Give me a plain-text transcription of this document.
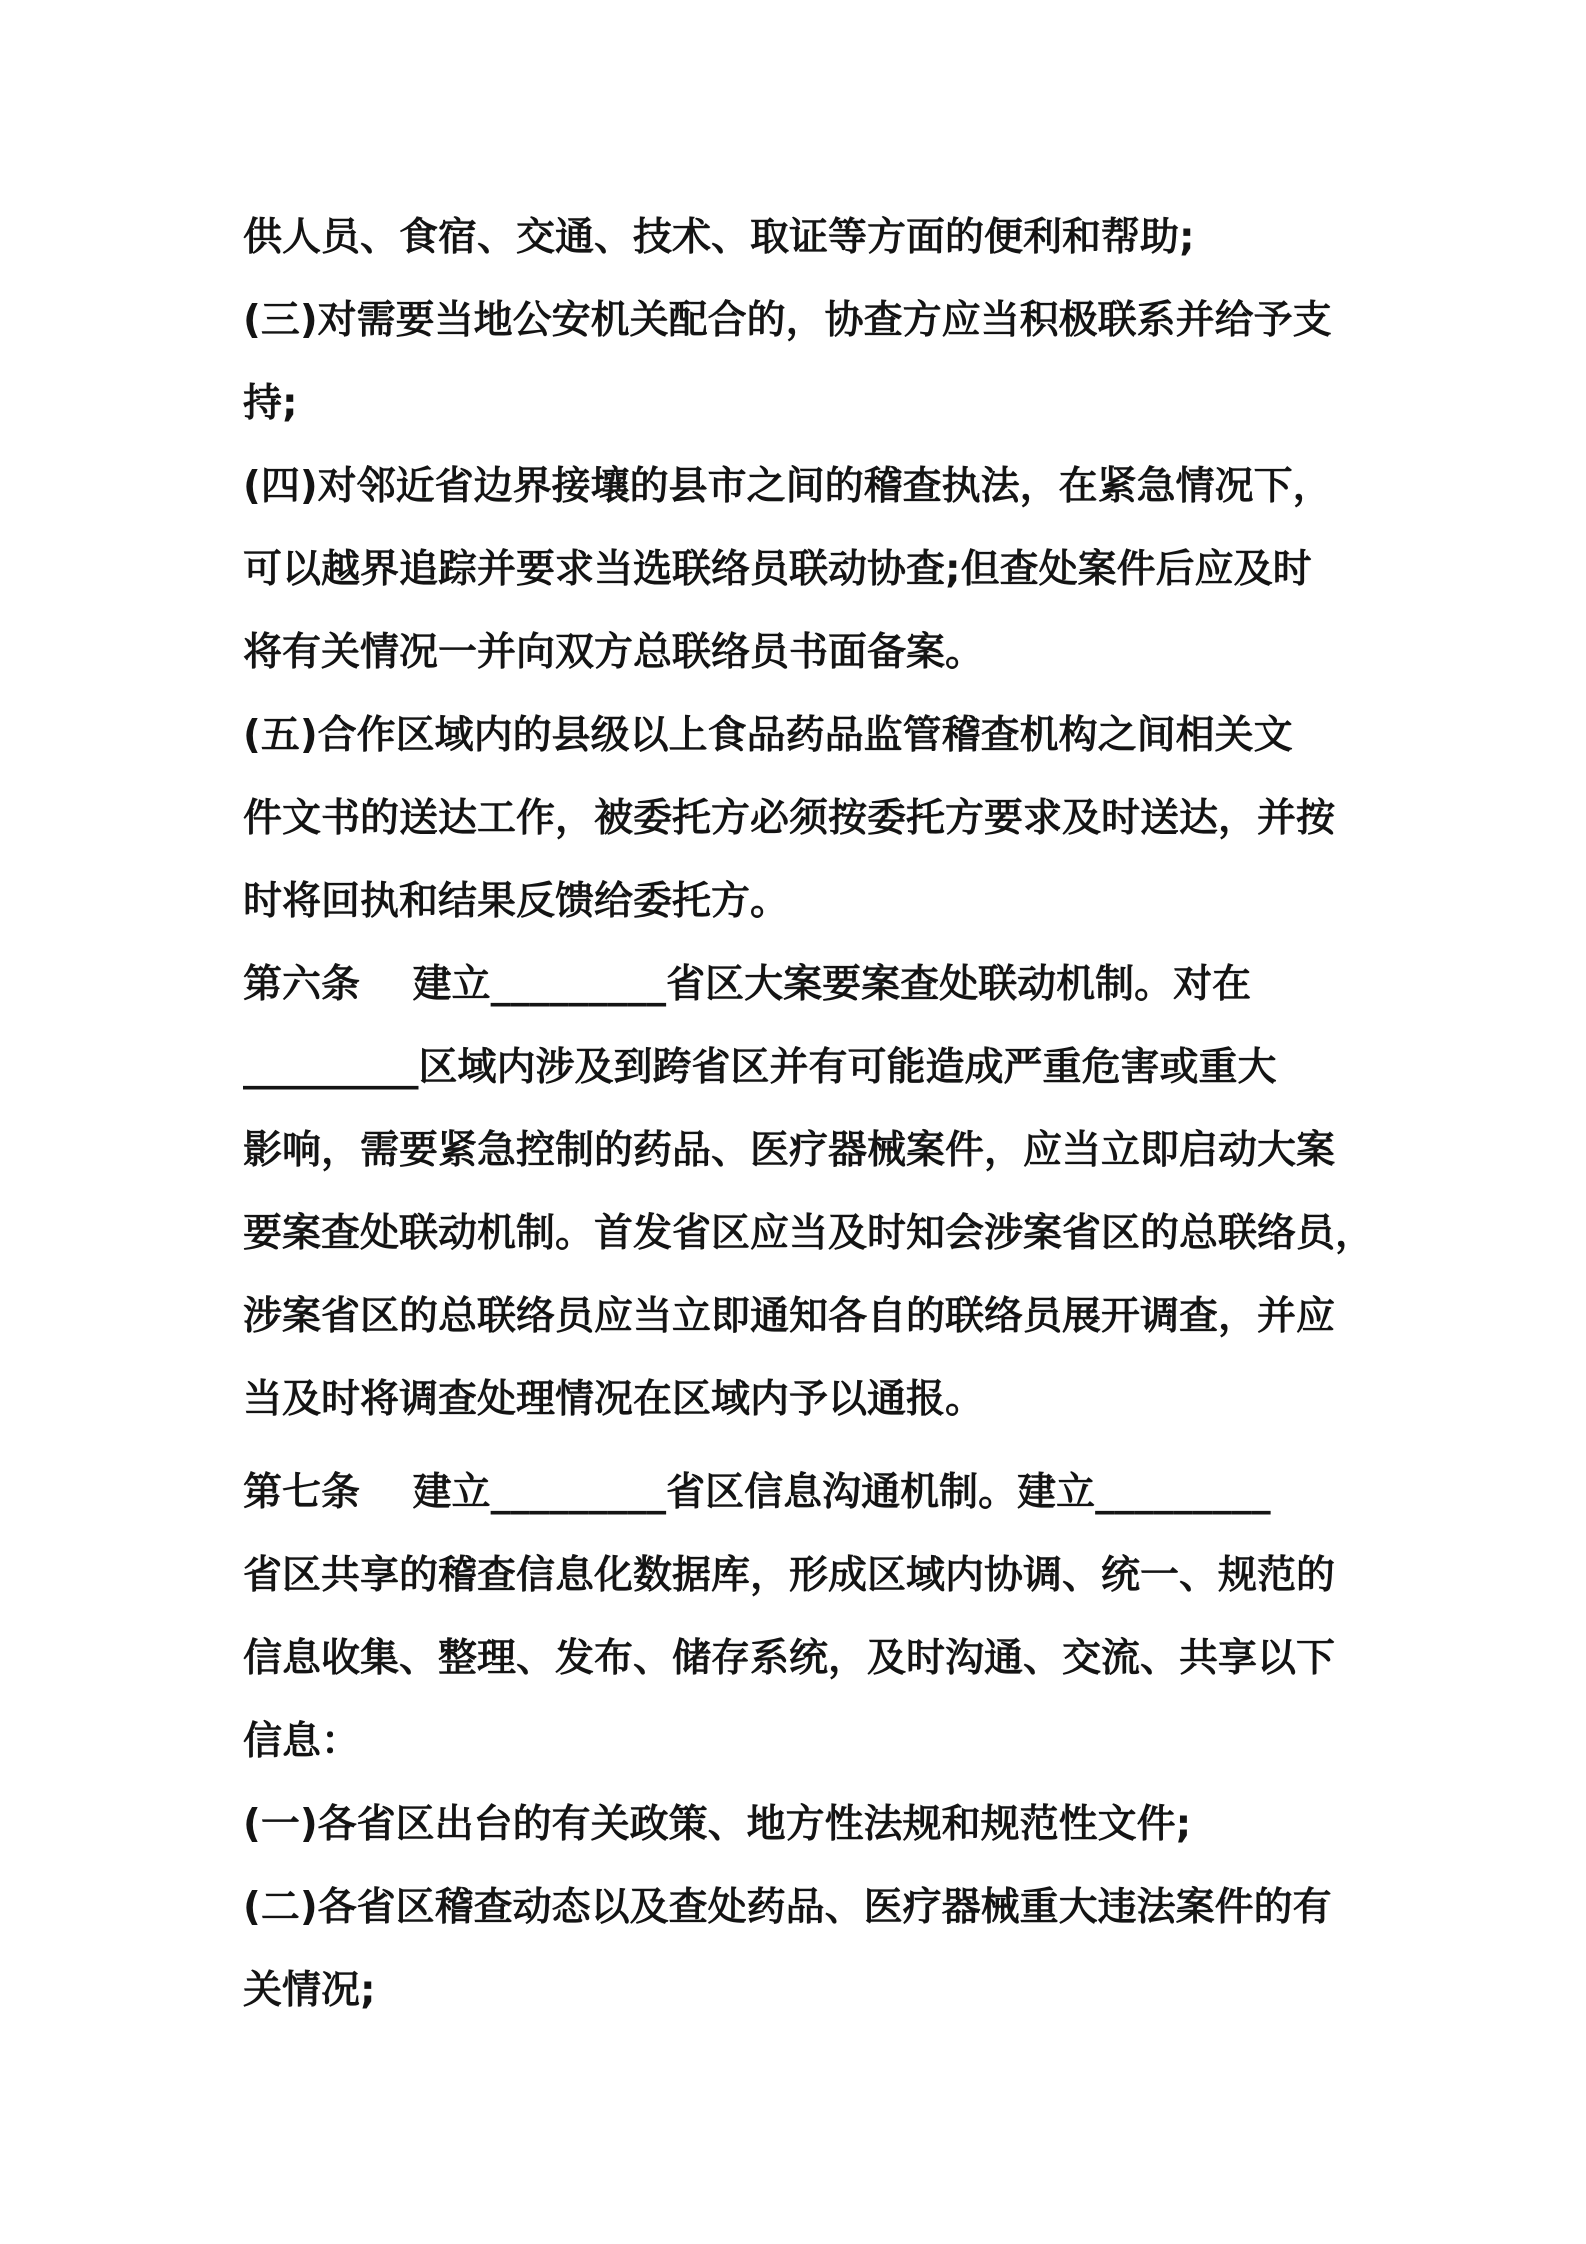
供人员、食宿、交通、技术、取证等方面的便利和帮助;
(三)对需要当地公安机关配合的，协查方应当积极联系并给予支
持;
(四)对邻近省边界接壤的县市之间的稽查执法，在紧急情况下，
可以越界追踪并要求当选联络员联动协查;但查处案件后应及时
将有关情况一并向双方总联络员书面备案。
(五)合作区域内的县级以上食品药品监管稽查机构之间相关文
件文书的送达工作，被委托方必须按委托方要求及时送达，并按
时将回执和结果反馈给委托方。
第六条　 建立_________省区大案要案查处联动机制。对在
_________区域内涉及到跨省区并有可能造成严重危害或重大
影响，需要紧急控制的药品、医疗器械案件，应当立即启动大案
要案查处联动机制。首发省区应当及时知会涉案省区的总联络员，
涉案省区的总联络员应当立即通知各自的联络员展开调查，并应
当及时将调查处理情况在区域内予以通报。
第七条　 建立_________省区信息沟通机制。建立_________
省区共享的稽查信息化数据库，形成区域内协调、统一、规范的
信息收集、整理、发布、储存系统，及时沟通、交流、共享以下
信息：
(一)各省区出台的有关政策、地方性法规和规范性文件;
(二)各省区稽查动态以及查处药品、医疗器械重大违法案件的有
关情况;
